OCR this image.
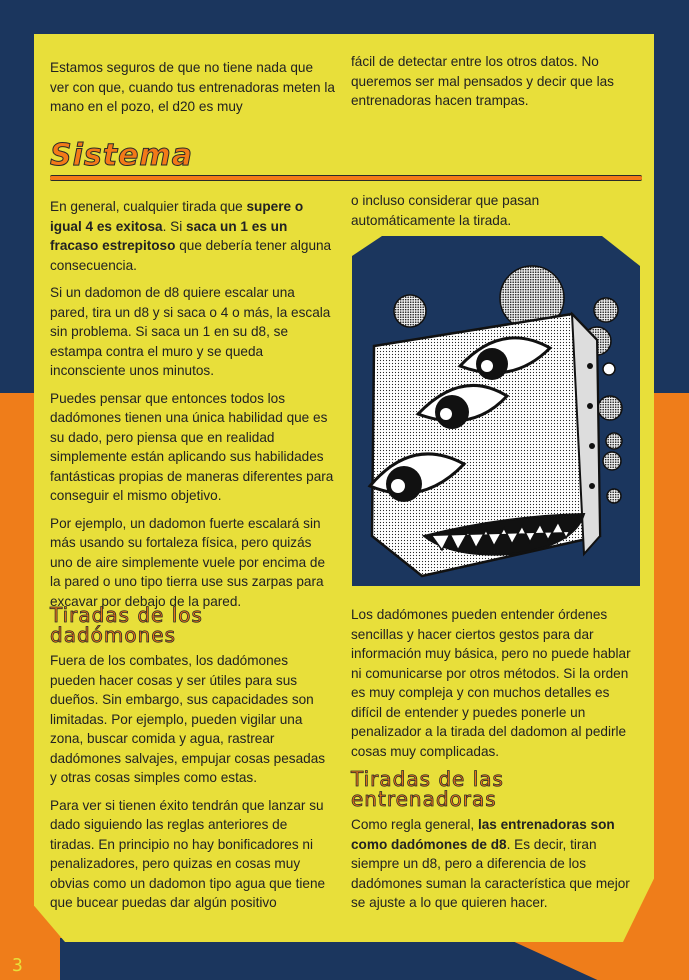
Estamos seguros de que no tiene nada que ver con que, cuando tus entrenadoras meten la mano en el pozo, el d20 es muy

fácil de detectar entre los otros datos. No queremos ser mal pensados y decir que las entrenadoras hacen trampas.

Sistema

En general, cualquier tirada que supere o igual 4 es exitosa. Si saca un 1 es un fracaso estrepitoso que debería tener alguna consecuencia.

Si un dadomon de d8 quiere escalar una pared, tira un d8 y si saca o 4 o más, la escala sin problema. Si saca un 1 en su d8, se estampa contra el muro y se queda inconsciente unos minutos.

Puedes pensar que entonces todos los dadómones tienen una única habilidad que es su dado, pero piensa que en realidad simplemente están aplicando sus habilidades fantásticas propias de maneras diferentes para conseguir el mismo objetivo.

Por ejemplo, un dadomon fuerte escalará sin más usando su fortaleza física, pero quizás uno de aire simplemente vuele por encima de la pared o uno tipo tierra use sus zarpas para excavar por debajo de la pared.

Tiradas de los
dadómones

Fuera de los combates, los dadómones pueden hacer cosas y ser útiles para sus dueños. Sin embargo, sus capacidades son limitadas. Por ejemplo, pueden vigilar una zona, buscar comida y agua, rastrear dadómones salvajes, empujar cosas pesadas y otras cosas simples como estas.

Para ver si tienen éxito tendrán que lanzar su dado siguiendo las reglas anteriores de tiradas. En principio no hay bonificadores ni penalizadores, pero quizas en cosas muy obvias como un dadomon tipo agua que tiene que bucear puedas dar algún positivo

o incluso considerar que pasan automáticamente la tirada.

Los dadómones pueden entender órdenes sencillas y hacer ciertos gestos para dar información muy básica, pero no puede hablar ni comunicarse por otros métodos. Si la orden es muy compleja y con muchos detalles es difícil de entender y puedes ponerle un penalizador a la tirada del dadomon al pedirle cosas muy complicadas.

Tiradas de las
entrenadoras

Como regla general, las entrenadoras son como dadómones de d8. Es decir, tiran siempre un d8, pero a diferencia de los dadómones suman la característica que mejor se ajuste a lo que quieren hacer.

3
